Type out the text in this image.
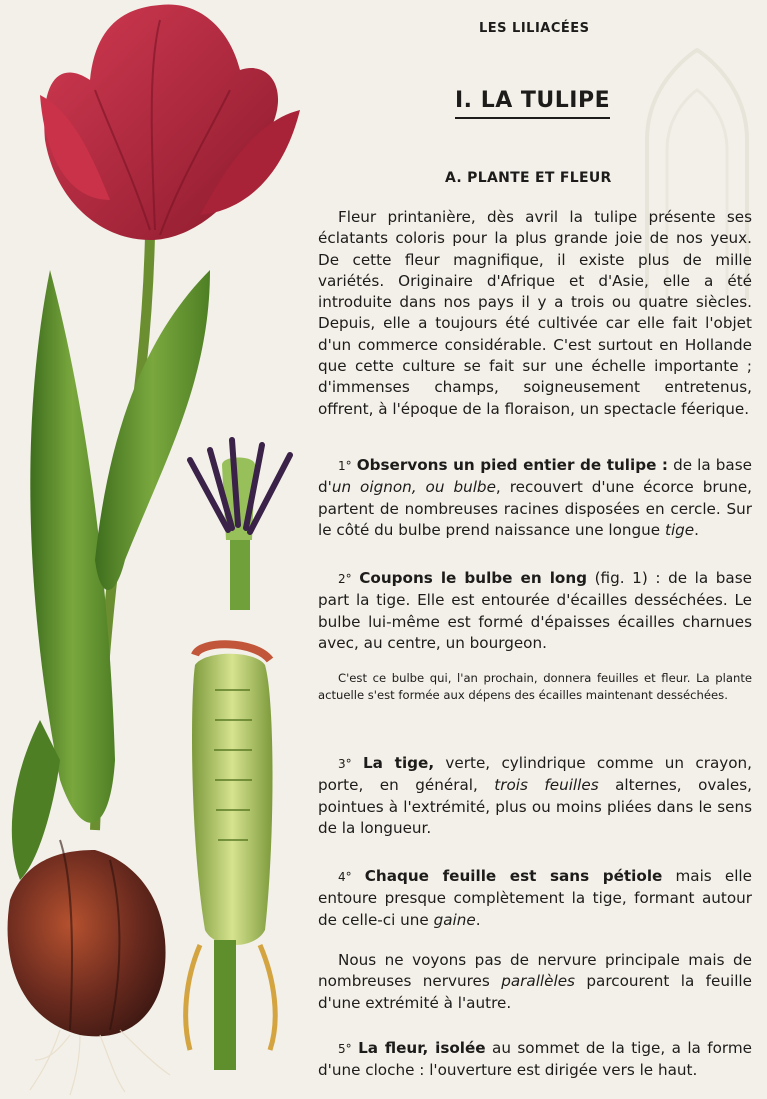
LES LILIACÉES
I. LA TULIPE
A. PLANTE ET FLEUR

Fleur printanière, dès avril la tulipe présente ses éclatants coloris pour la plus grande joie de nos yeux. De cette fleur magnifique, il existe plus de mille variétés. Originaire d'Afrique et d'Asie, elle a été introduite dans nos pays il y a trois ou quatre siècles. Depuis, elle a toujours été cultivée car elle fait l'objet d'un commerce considérable. C'est surtout en Hollande que cette culture se fait sur une échelle importante ; d'immenses champs, soigneusement entretenus, offrent, à l'époque de la floraison, un spectacle féerique.

1° Observons un pied entier de tulipe : de la base d'un oignon, ou bulbe, recouvert d'une écorce brune, partent de nombreuses racines disposées en cercle. Sur le côté du bulbe prend naissance une longue tige.

2° Coupons le bulbe en long (fig. 1) : de la base part la tige. Elle est entourée d'écailles desséchées. Le bulbe lui-même est formé d'épaisses écailles charnues avec, au centre, un bourgeon.

C'est ce bulbe qui, l'an prochain, donnera feuilles et fleur. La plante actuelle s'est formée aux dépens des écailles maintenant desséchées.

3° La tige, verte, cylindrique comme un crayon, porte, en général, trois feuilles alternes, ovales, pointues à l'extrémité, plus ou moins pliées dans le sens de la longueur.

4° Chaque feuille est sans pétiole mais elle entoure presque complètement la tige, formant autour de celle-ci une gaine.

Nous ne voyons pas de nervure principale mais de nombreuses nervures parallèles parcourent la feuille d'une extrémité à l'autre.

5° La fleur, isolée au sommet de la tige, a la forme d'une cloche : l'ouverture est dirigée vers le haut.
